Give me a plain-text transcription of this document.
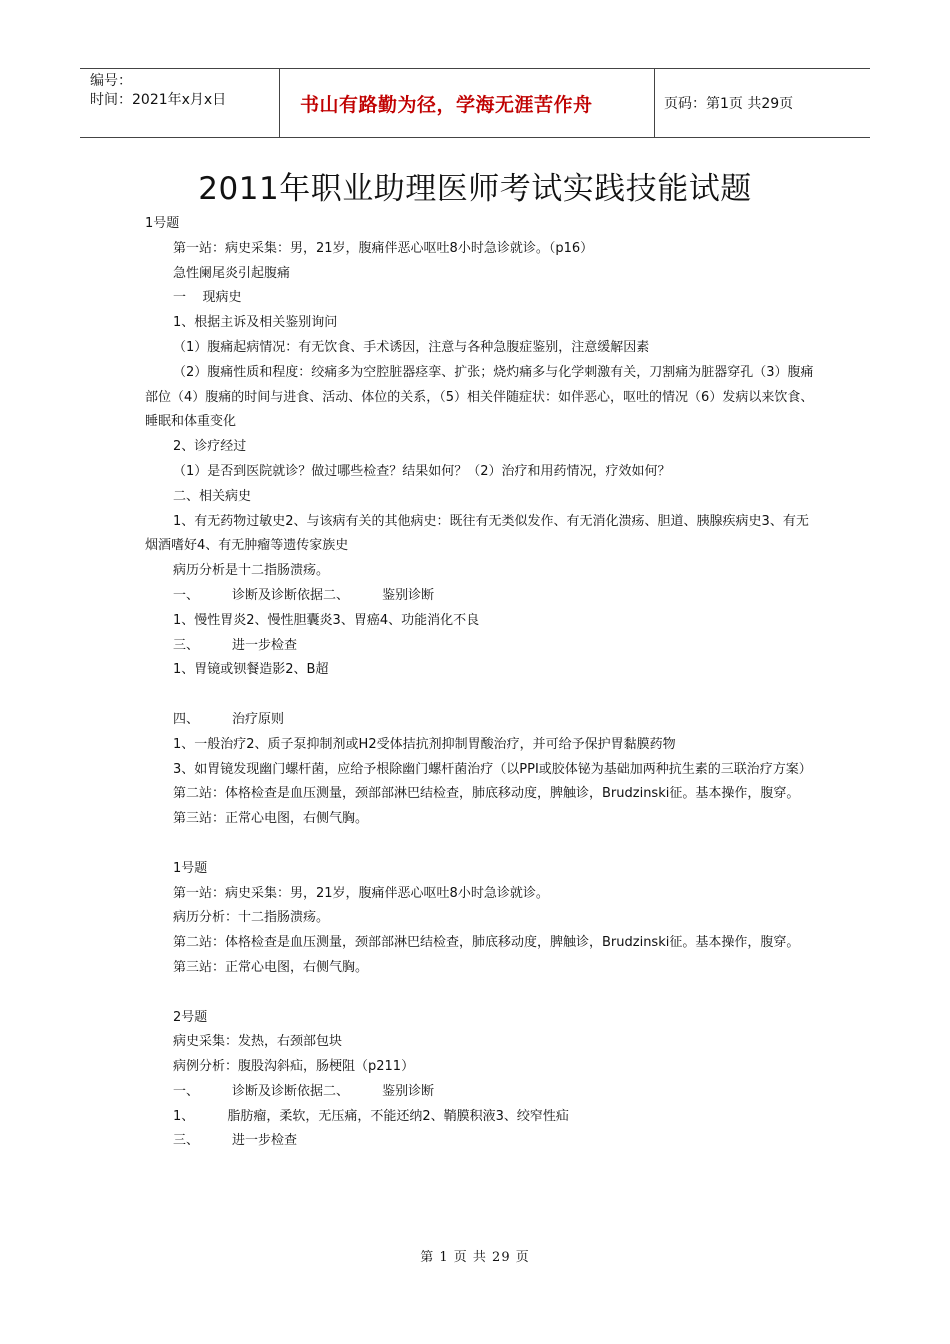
编号：
时间：2021年x月x日	书山有路勤为径，学海无涯苦作舟	页码：第1页 共29页
2011年职业助理医师考试实践技能试题

1号题

第一站：病史采集：男，21岁，腹痛伴恶心呕吐8小时急诊就诊。（p16）

急性阑尾炎引起腹痛

一    现病史

1、根据主诉及相关鉴别询问

（1）腹痛起病情况：有无饮食、手术诱因，注意与各种急腹症鉴别，注意缓解因素

（2）腹痛性质和程度：绞痛多为空腔脏器痉挛、扩张；烧灼痛多与化学刺激有关，刀割痛为脏器穿孔（3）腹痛部位（4）腹痛的时间与进食、活动、体位的关系，（5）相关伴随症状：如伴恶心，呕吐的情况（6）发病以来饮食、睡眠和体重变化

2、诊疗经过

（1）是否到医院就诊？做过哪些检查？结果如何？（2）治疗和用药情况，疗效如何？

二、相关病史

1、有无药物过敏史2、与该病有关的其他病史：既往有无类似发作、有无消化溃疡、胆道、胰腺疾病史3、有无烟酒嗜好4、有无肿瘤等遗传家族史

病历分析是十二指肠溃疡。

一、        诊断及诊断依据二、        鉴别诊断

1、慢性胃炎2、慢性胆囊炎3、胃癌4、功能消化不良

三、        进一步检查

1、胃镜或钡餐造影2、B超

四、        治疗原则

1、一般治疗2、质子泵抑制剂或H2受体拮抗剂抑制胃酸治疗，并可给予保护胃黏膜药物

3、如胃镜发现幽门螺杆菌，应给予根除幽门螺杆菌治疗（以PPI或胶体铋为基础加两种抗生素的三联治疗方案）

第二站：体格检查是血压测量，颈部部淋巴结检查，肺底移动度，脾触诊，Brudzinski征。基本操作，腹穿。

第三站：正常心电图，右侧气胸。

1号题

第一站：病史采集：男，21岁，腹痛伴恶心呕吐8小时急诊就诊。

病历分析：十二指肠溃疡。

第二站：体格检查是血压测量，颈部部淋巴结检查，肺底移动度，脾触诊，Brudzinski征。基本操作，腹穿。

第三站：正常心电图，右侧气胸。

2号题

病史采集：发热，右颈部包块

病例分析：腹股沟斜疝，肠梗阻（p211）

一、        诊断及诊断依据二、        鉴别诊断

1、        脂肪瘤，柔软，无压痛，不能还纳2、鞘膜积液3、绞窄性疝

三、        进一步检查

第 1 页 共 29 页
